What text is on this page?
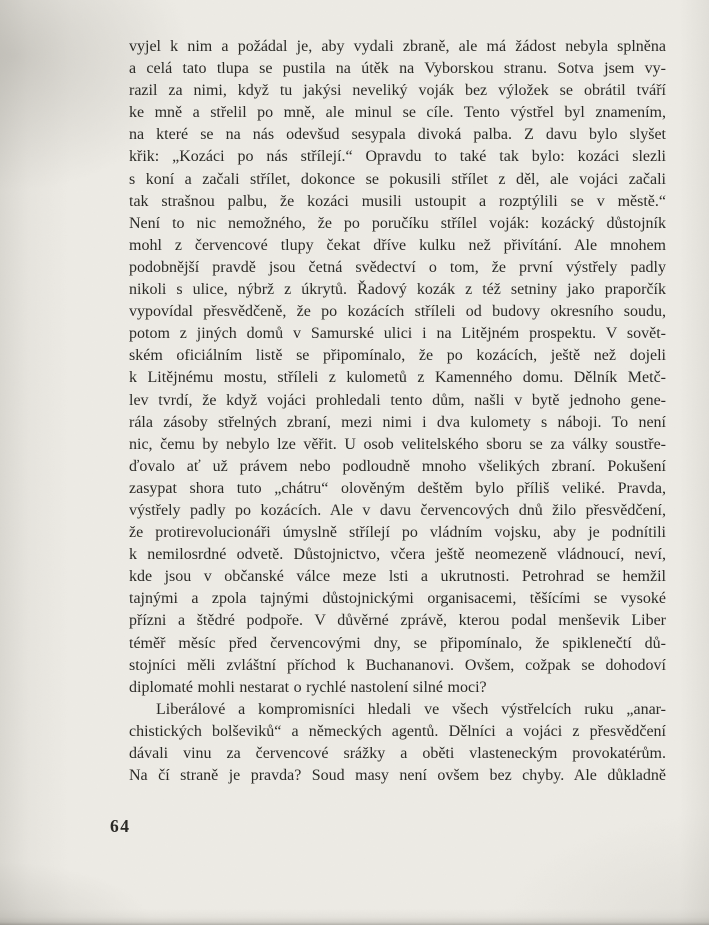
vyjel k nim a požádal je, aby vydali zbraně, ale má žádost nebyla splněna
a celá tato tlupa se pustila na útěk na Vyborskou stranu. Sotva jsem vy-
razil za nimi, když tu jakýsi neveliký voják bez výložek se obrátil tváří
ke mně a střelil po mně, ale minul se cíle. Tento výstřel byl znamením,
na které se na nás odevšud sesypala divoká palba. Z davu bylo slyšet
křik: „Kozáci po nás střílejí.“ Opravdu to také tak bylo: kozáci slezli
s koní a začali střílet, dokonce se pokusili střílet z děl, ale vojáci začali
tak strašnou palbu, že kozáci musili ustoupit a rozptýlili se v městě.“
Není to nic nemožného, že po poručíku střílel voják: kozácký důstojník
mohl z červencové tlupy čekat dříve kulku než přivítání. Ale mnohem
podobnější pravdě jsou četná svědectví o tom, že první výstřely padly
nikoli s ulice, nýbrž z úkrytů. Řadový kozák z též setniny jako praporčík
vypovídal přesvědčeně, že po kozácích stříleli od budovy okresního soudu,
potom z jiných domů v Samurské ulici i na Litějném prospektu. V sovět-
ském oficiálním listě se připomínalo, že po kozácích, ještě než dojeli
k Litějnému mostu, stříleli z kulometů z Kamenného domu. Dělník Metč-
lev tvrdí, že když vojáci prohledali tento dům, našli v bytě jednoho gene-
rála zásoby střelných zbraní, mezi nimi i dva kulomety s náboji. To není
nic, čemu by nebylo lze věřit. U osob velitelského sboru se za války soustře-
ďovalo ať už právem nebo podloudně mnoho všelikých zbraní. Pokušení
zasypat shora tuto „chátru“ olověným deštěm bylo příliš veliké. Pravda,
výstřely padly po kozácích. Ale v davu červencových dnů žilo přesvědčení,
že protirevolucionáři úmyslně střílejí po vládním vojsku, aby je podnítili
k nemilosrdné odvetě. Důstojnictvo, včera ještě neomezeně vládnoucí, neví,
kde jsou v občanské válce meze lsti a ukrutnosti. Petrohrad se hemžil
tajnými a zpola tajnými důstojnickými organisacemi, těšícími se vysoké
přízni a štědré podpoře. V důvěrné zprávě, kterou podal menševik Liber
téměř měsíc před červencovými dny, se připomínalo, že spiklenečtí dů-
stojníci měli zvláštní příchod k Buchananovi. Ovšem, cožpak se dohodoví
diplomaté mohli nestarat o rychlé nastolení silné moci?
Liberálové a kompromisníci hledali ve všech výstřelcích ruku „anar-
chistických bolševiků“ a německých agentů. Dělníci a vojáci z přesvědčení
dávali vinu za červencové srážky a oběti vlasteneckým provokatérům.
Na čí straně je pravda? Soud masy není ovšem bez chyby. Ale důkladně
64
